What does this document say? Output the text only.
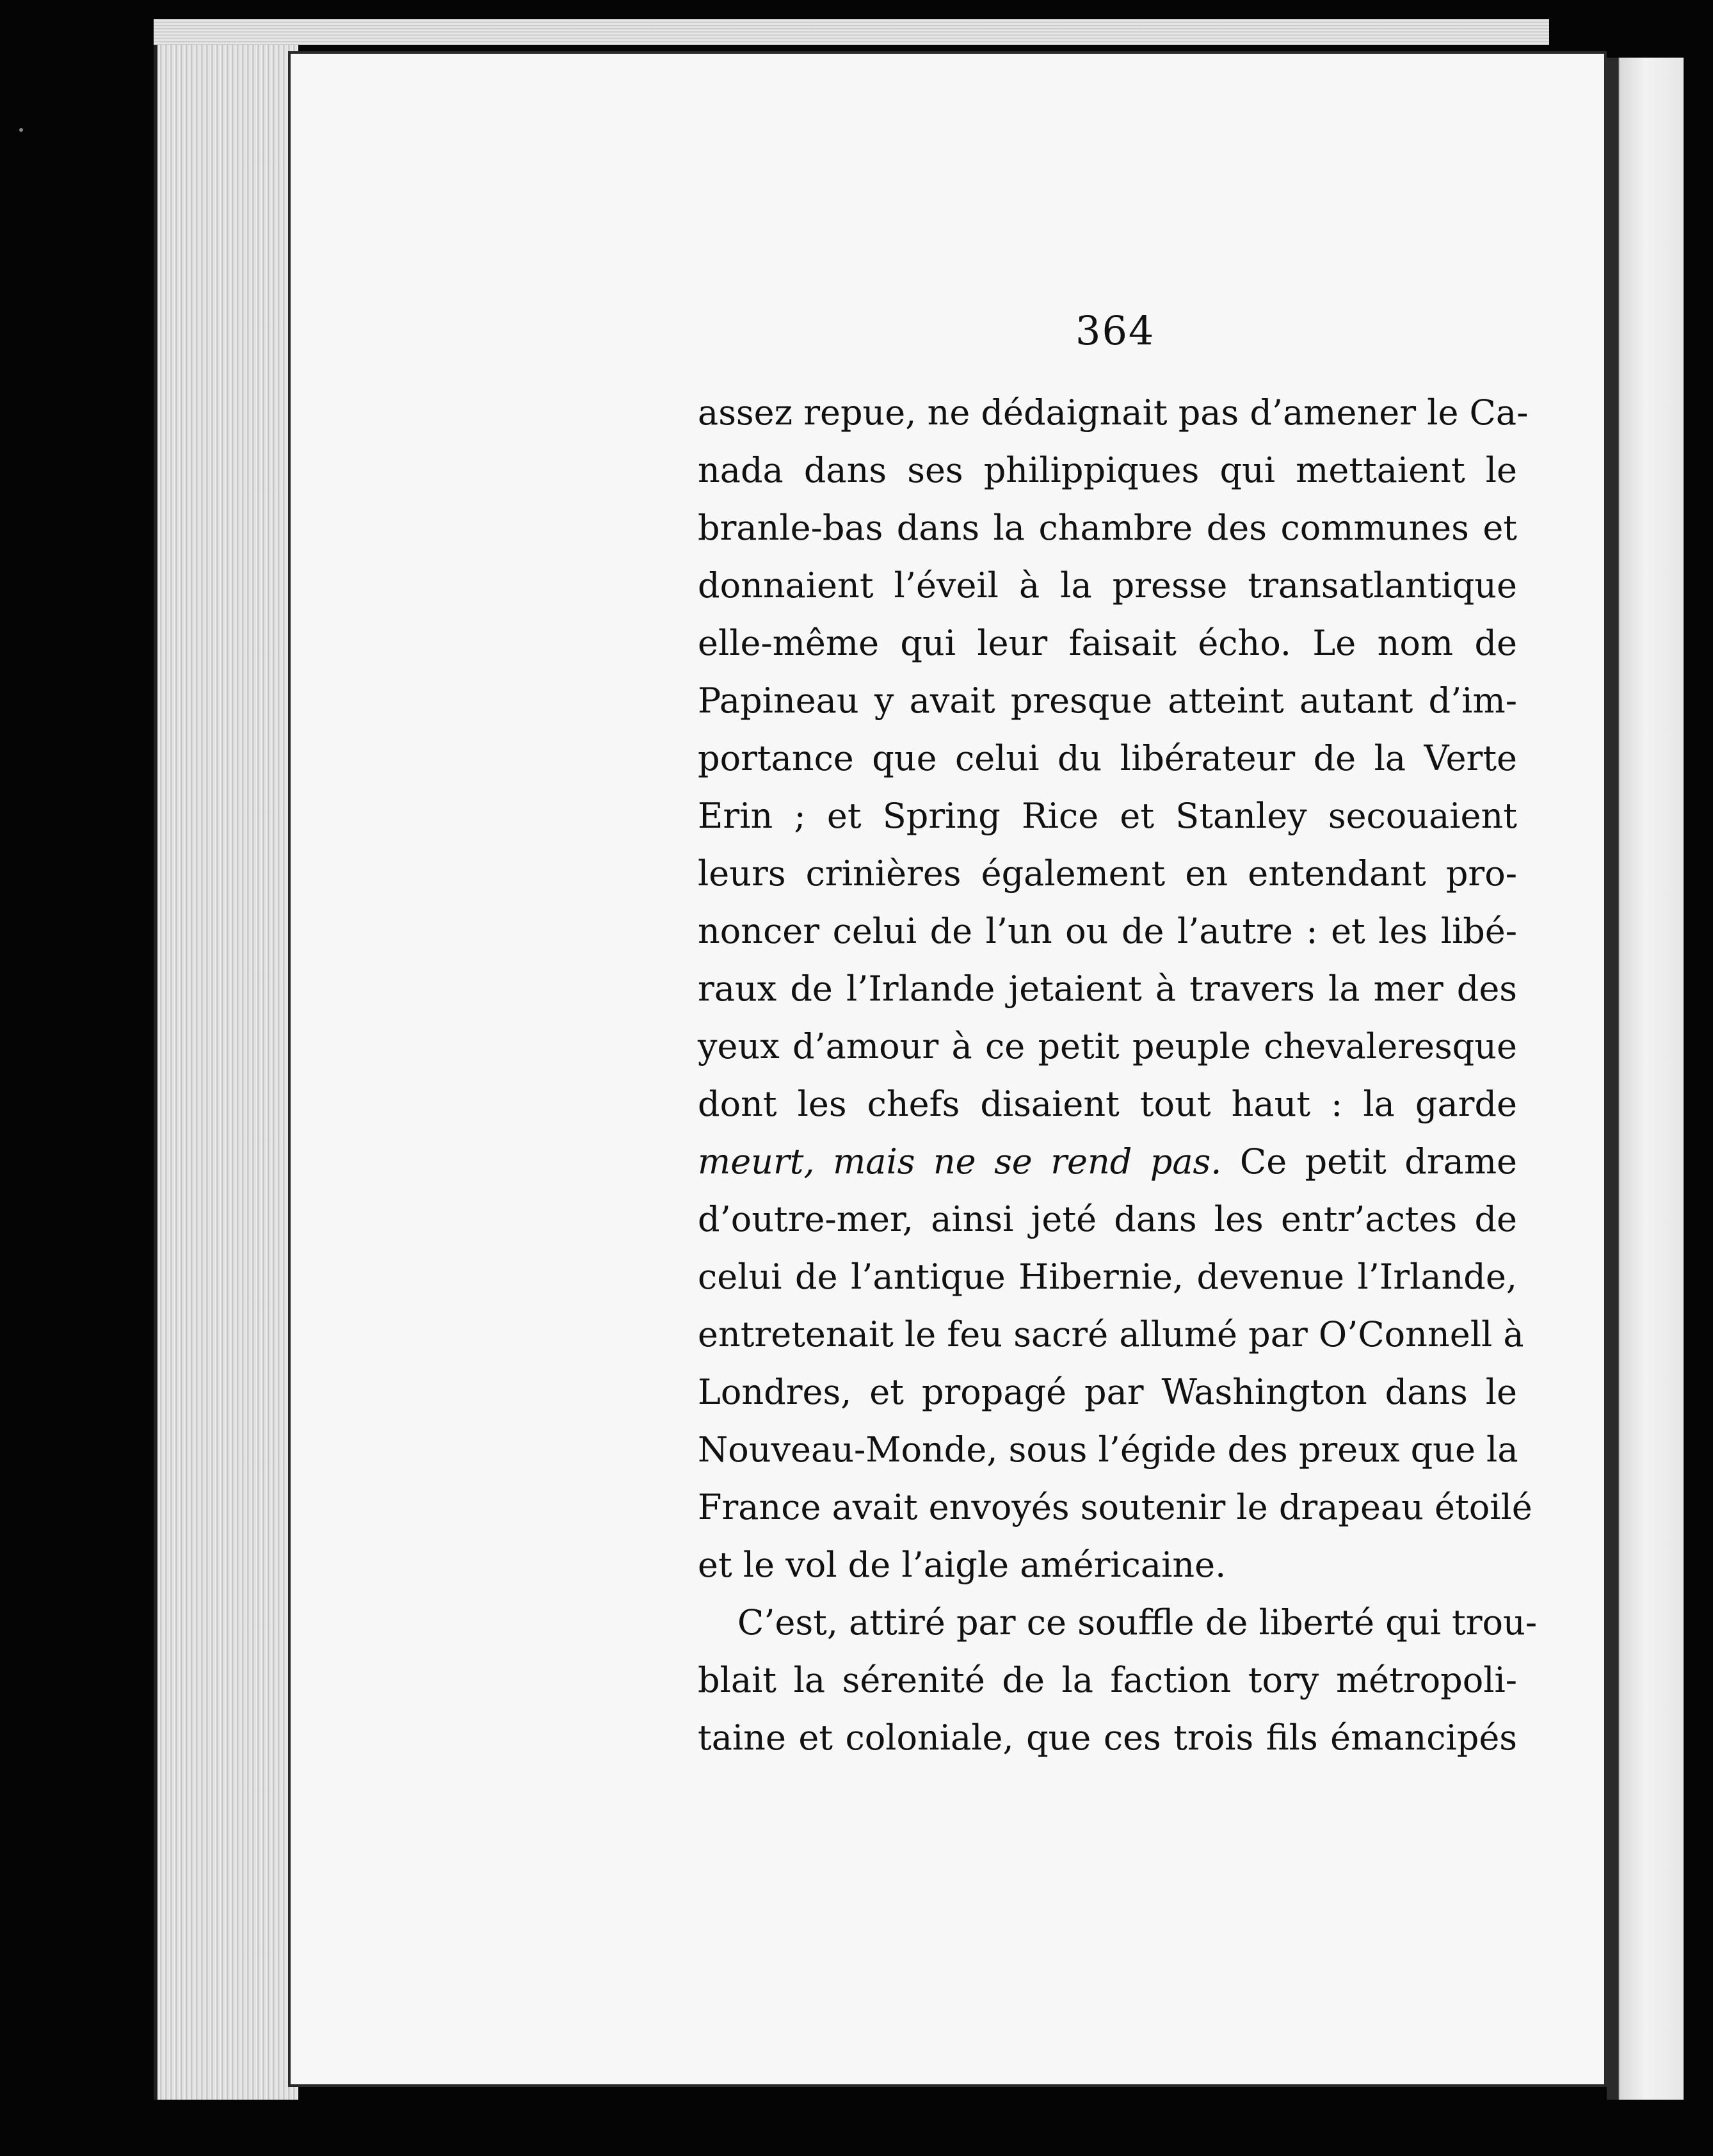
364
assez repue, ne dédaignait pas d’amener le Ca-
nada dans ses philippiques qui mettaient le
branle-bas dans la chambre des communes et
donnaient l’éveil à la presse transatlantique
elle-même qui leur faisait écho. Le nom de
Papineau y avait presque atteint autant d’im-
portance que celui du libérateur de la Verte
Erin ; et Spring Rice et Stanley secouaient
leurs crinières également en entendant pro-
noncer celui de l’un ou de l’autre : et les libé-
raux de l’Irlande jetaient à travers la mer des
yeux d’amour à ce petit peuple chevaleresque
dont les chefs disaient tout haut : la garde
meurt, mais ne se rend pas. Ce petit drame
d’outre-mer, ainsi jeté dans les entr’actes de
celui de l’antique Hibernie, devenue l’Irlande,
entretenait le feu sacré allumé par O’Connell à
Londres, et propagé par Washington dans le
Nouveau-Monde, sous l’égide des preux que la
France avait envoyés soutenir le drapeau étoilé
et le vol de l’aigle américaine.
C’est, attiré par ce souffle de liberté qui trou-
blait la sérenité de la faction tory métropoli-
taine et coloniale, que ces trois fils émancipés
